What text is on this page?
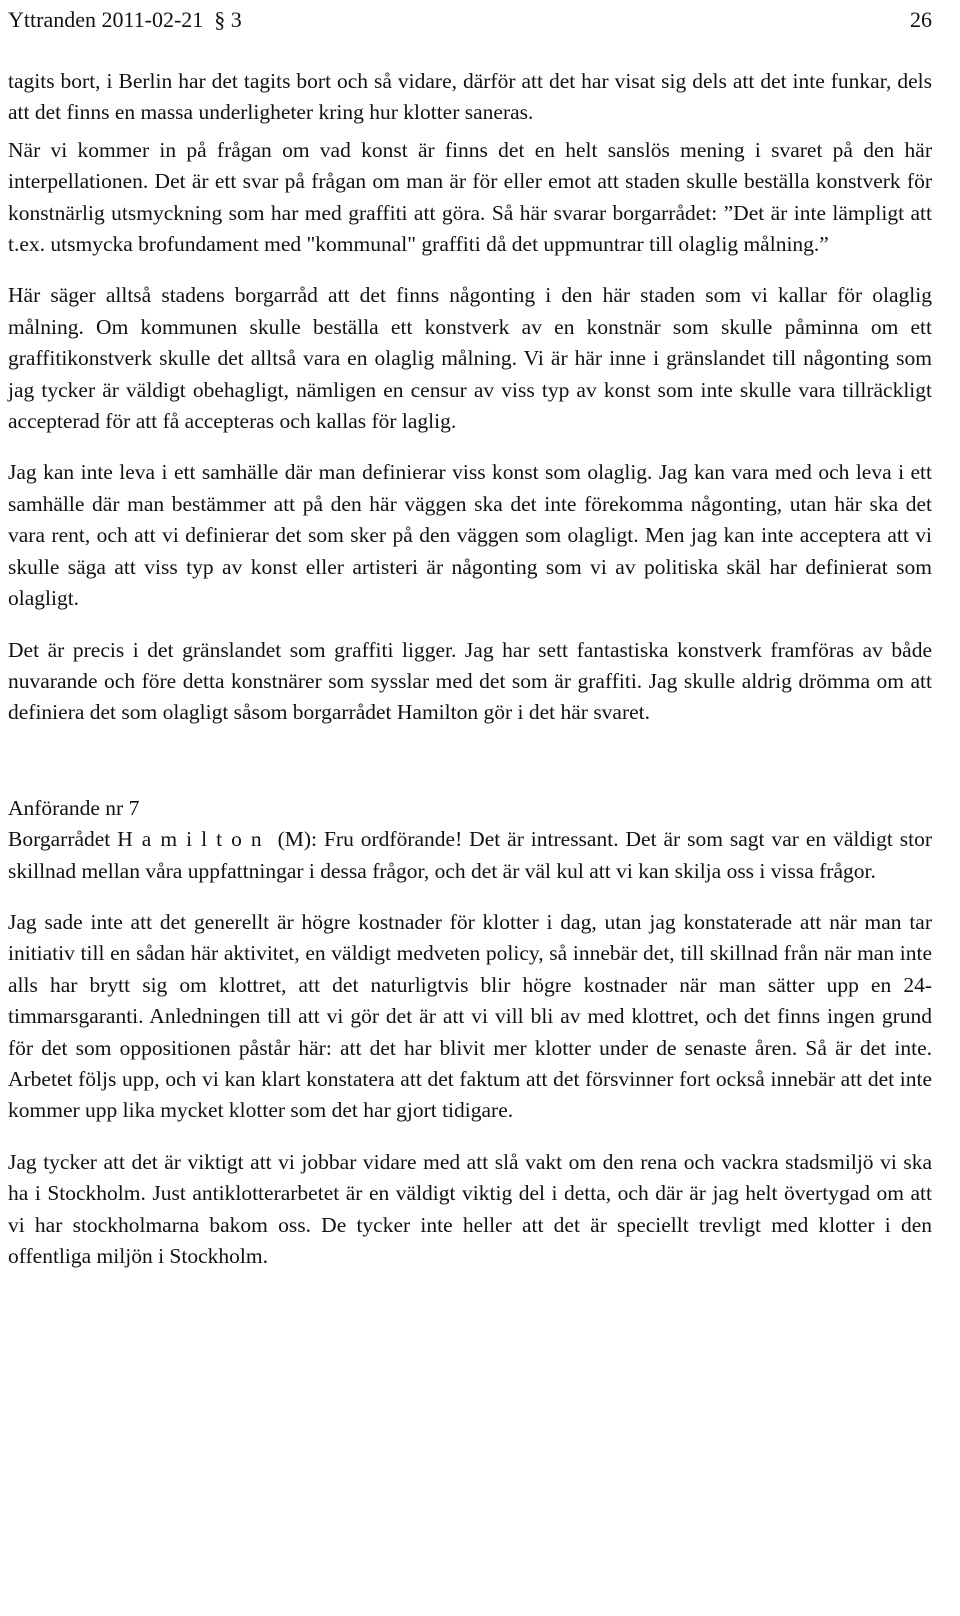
Yttranden 2011-02-21  § 3	26

tagits bort, i Berlin har det tagits bort och så vidare, därför att det har visat sig dels att det inte funkar, dels att det finns en massa underligheter kring hur klotter saneras.

När vi kommer in på frågan om vad konst är finns det en helt sanslös mening i svaret på den här interpellationen. Det är ett svar på frågan om man är för eller emot att staden skulle beställa konstverk för konstnärlig utsmyckning som har med graffiti att göra. Så här svarar borgarrådet: ”Det är inte lämpligt att t.ex. utsmycka brofundament med "kommunal" graffiti då det uppmuntrar till olaglig målning.”

Här säger alltså stadens borgarråd att det finns någonting i den här staden som vi kallar för olaglig målning. Om kommunen skulle beställa ett konstverk av en konstnär som skulle påminna om ett graffitikonstverk skulle det alltså vara en olaglig målning. Vi är här inne i gränslandet till någonting som jag tycker är väldigt obehagligt, nämligen en censur av viss typ av konst som inte skulle vara tillräckligt accepterad för att få accepteras och kallas för laglig.

Jag kan inte leva i ett samhälle där man definierar viss konst som olaglig. Jag kan vara med och leva i ett samhälle där man bestämmer att på den här väggen ska det inte förekomma någonting, utan här ska det vara rent, och att vi definierar det som sker på den väggen som olagligt. Men jag kan inte acceptera att vi skulle säga att viss typ av konst eller artisteri är någonting som vi av politiska skäl har definierat som olagligt.

Det är precis i det gränslandet som graffiti ligger. Jag har sett fantastiska konstverk framföras av både nuvarande och före detta konstnärer som sysslar med det som är graffiti. Jag skulle aldrig drömma om att definiera det som olagligt såsom borgarrådet Hamilton gör i det här svaret.

Anförande nr 7

Borgarrådet Hamilton (M): Fru ordförande! Det är intressant. Det är som sagt var en väldigt stor skillnad mellan våra uppfattningar i dessa frågor, och det är väl kul att vi kan skilja oss i vissa frågor.

Jag sade inte att det generellt är högre kostnader för klotter i dag, utan jag konstaterade att när man tar initiativ till en sådan här aktivitet, en väldigt medveten policy, så innebär det, till skillnad från när man inte alls har brytt sig om klottret, att det naturligtvis blir högre kostnader när man sätter upp en 24-timmarsgaranti. Anledningen till att vi gör det är att vi vill bli av med klottret, och det finns ingen grund för det som oppositionen påstår här: att det har blivit mer klotter under de senaste åren. Så är det inte. Arbetet följs upp, och vi kan klart konstatera att det faktum att det försvinner fort också innebär att det inte kommer upp lika mycket klotter som det har gjort tidigare.

Jag tycker att det är viktigt att vi jobbar vidare med att slå vakt om den rena och vackra stadsmiljö vi ska ha i Stockholm. Just antiklotterarbetet är en väldigt viktig del i detta, och där är jag helt övertygad om att vi har stockholmarna bakom oss. De tycker inte heller att det är speciellt trevligt med klotter i den offentliga miljön i Stockholm.
